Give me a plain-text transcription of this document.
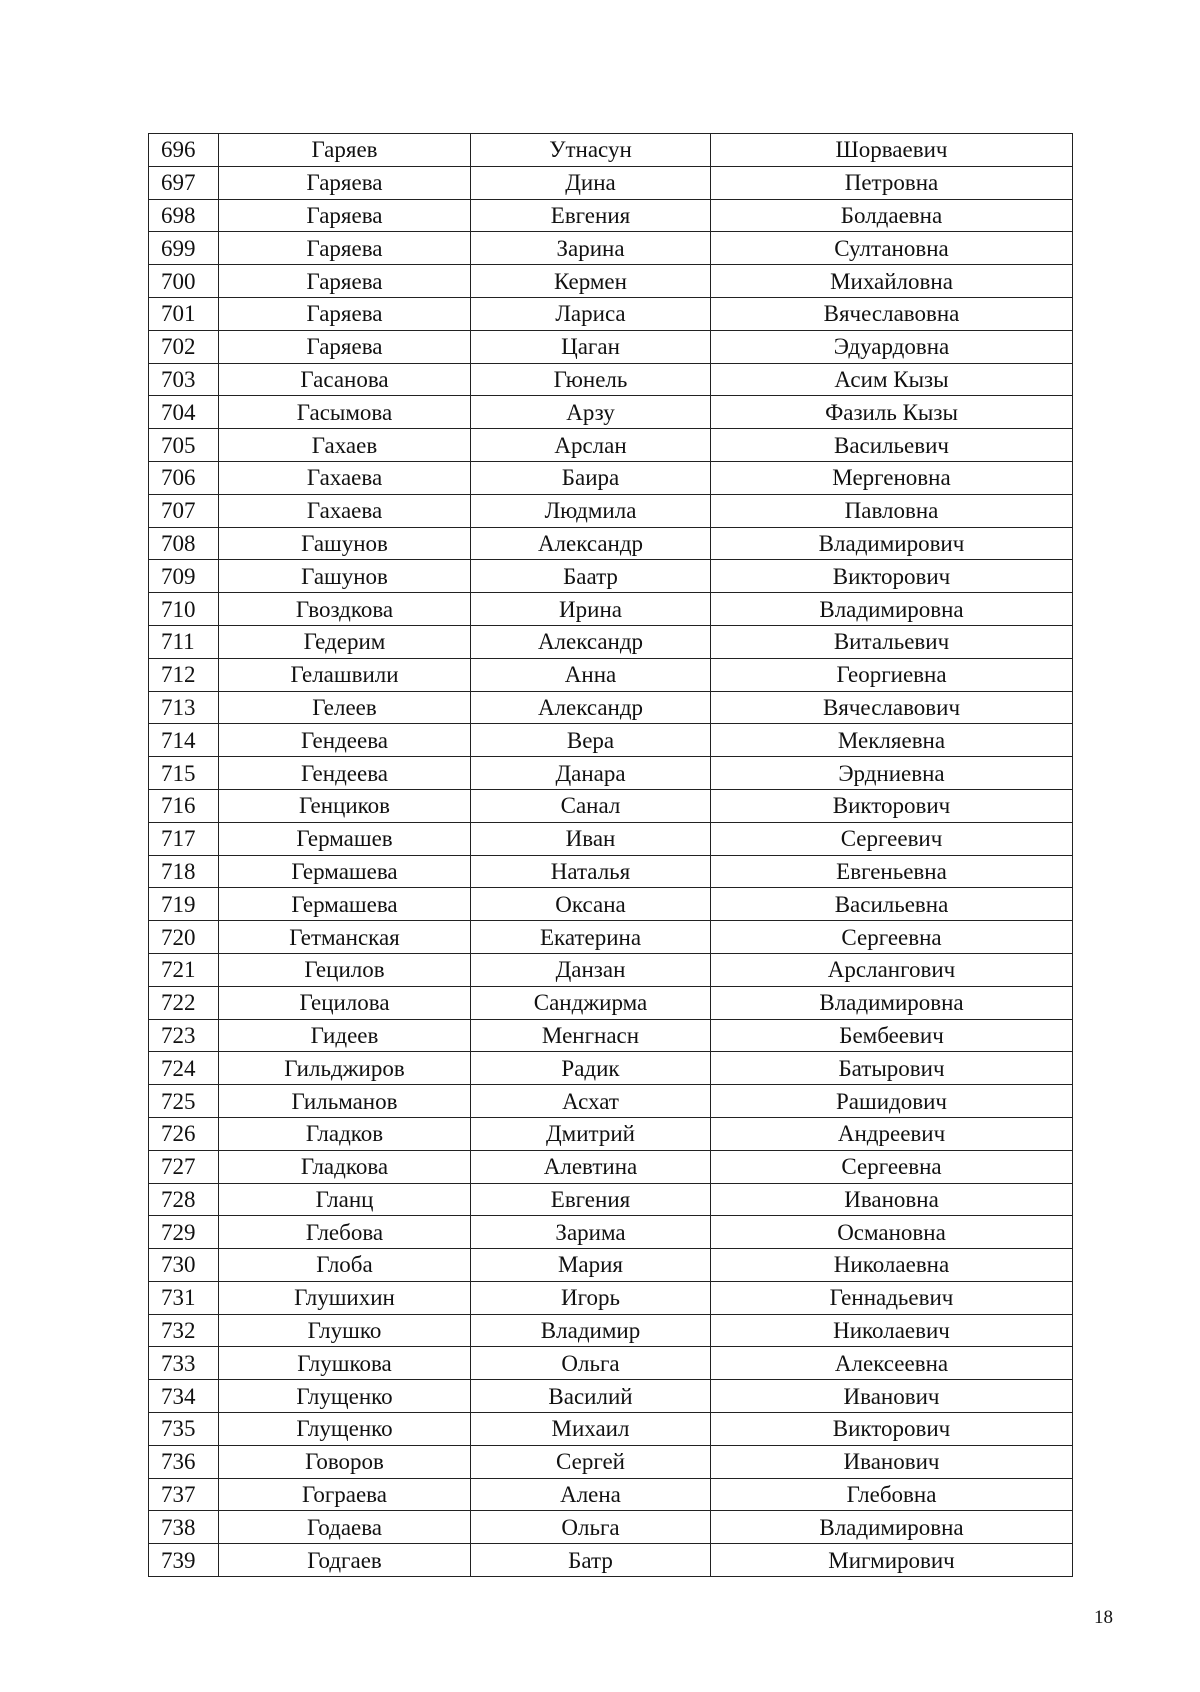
696	Гаряев	Утнасун	Шорваевич
697	Гаряева	Дина	Петровна
698	Гаряева	Евгения	Болдаевна
699	Гаряева	Зарина	Султановна
700	Гаряева	Кермен	Михайловна
701	Гаряева	Лариса	Вячеславовна
702	Гаряева	Цаган	Эдуардовна
703	Гасанова	Гюнель	Асим Кызы
704	Гасымова	Арзу	Фазиль Кызы
705	Гахаев	Арслан	Васильевич
706	Гахаева	Баира	Мергеновна
707	Гахаева	Людмила	Павловна
708	Гашунов	Александр	Владимирович
709	Гашунов	Баатр	Викторович
710	Гвоздкова	Ирина	Владимировна
711	Гедерим	Александр	Витальевич
712	Гелашвили	Анна	Георгиевна
713	Гелеев	Александр	Вячеславович
714	Гендеева	Вера	Мекляевна
715	Гендеева	Данара	Эрдниевна
716	Генциков	Санал	Викторович
717	Гермашев	Иван	Сергеевич
718	Гермашева	Наталья	Евгеньевна
719	Гермашева	Оксана	Васильевна
720	Гетманская	Екатерина	Сергеевна
721	Гецилов	Данзан	Арслангович
722	Гецилова	Санджирма	Владимировна
723	Гидеев	Менгнасн	Бембеевич
724	Гильджиров	Радик	Батырович
725	Гильманов	Асхат	Рашидович
726	Гладков	Дмитрий	Андреевич
727	Гладкова	Алевтина	Сергеевна
728	Гланц	Евгения	Ивановна
729	Глебова	Зарима	Османовна
730	Глоба	Мария	Николаевна
731	Глушихин	Игорь	Геннадьевич
732	Глушко	Владимир	Николаевич
733	Глушкова	Ольга	Алексеевна
734	Глущенко	Василий	Иванович
735	Глущенко	Михаил	Викторович
736	Говоров	Сергей	Иванович
737	Гограева	Алена	Глебовна
738	Годаева	Ольга	Владимировна
739	Годгаев	Батр	Мигмирович
18
